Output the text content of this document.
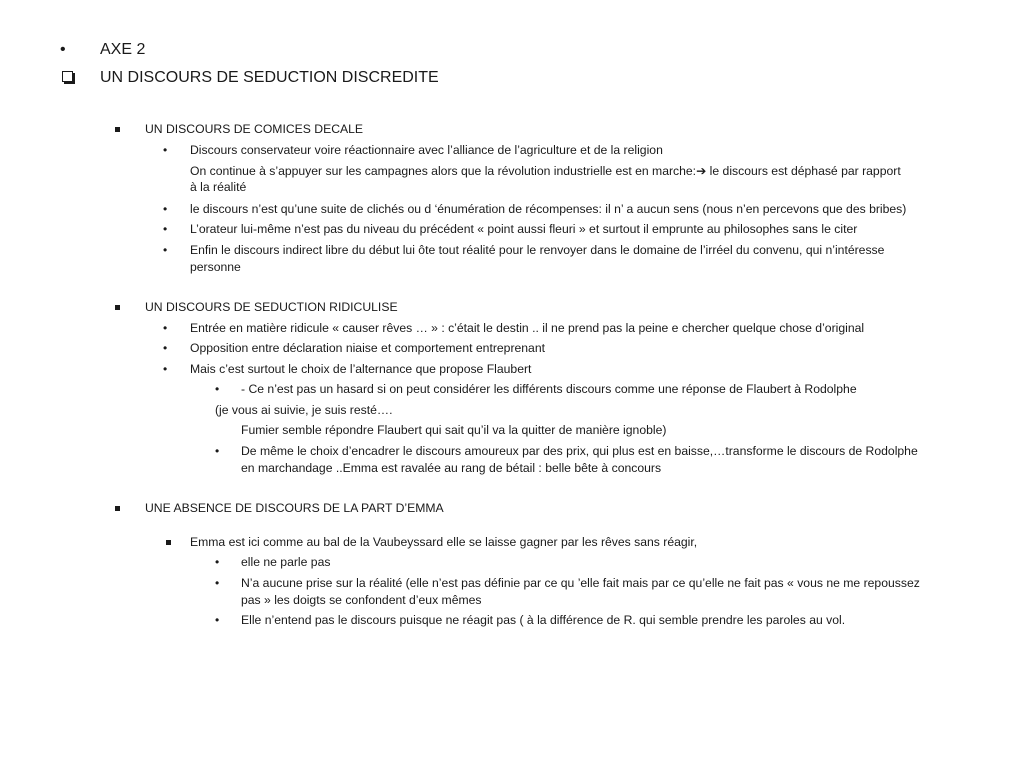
• AXE 2
UN DISCOURS DE SEDUCTION DISCREDITE
UN DISCOURS DE COMICES DECALE
• Discours conservateur voire réactionnaire avec l’alliance de l’agriculture et de la religion
On continue à s’appuyer sur les campagnes alors que la révolution industrielle est en marche:➔ le discours est déphasé par rapport
à la réalité
• le discours n’est qu’une suite de clichés ou d ‘énumération de récompenses: il n’ a aucun sens (nous n’en percevons que des bribes)
• L’orateur lui-même n’est pas du niveau du précédent « point aussi fleuri » et surtout il emprunte au philosophes sans le citer
• Enfin le discours indirect libre du début lui ôte tout réalité pour le renvoyer dans le domaine de l’irréel du convenu, qui n’intéresse
personne
UN DISCOURS DE SEDUCTION RIDICULISE
• Entrée en matière ridicule « causer rêves … » : c’était le destin .. il ne prend pas la peine e chercher quelque chose d’original
• Opposition entre déclaration niaise et comportement entreprenant
• Mais c’est surtout le choix de l’alternance que propose Flaubert
• - Ce n’est pas un hasard si on peut considérer les différents discours comme une réponse de Flaubert à Rodolphe
(je vous ai suivie, je suis resté….
Fumier semble répondre Flaubert qui sait qu’il va la quitter de manière ignoble)
• De même le choix d’encadrer le discours amoureux par des prix, qui plus est en baisse,…transforme le discours de Rodolphe
en marchandage ..Emma est ravalée au rang de bétail : belle bête à concours
UNE ABSENCE DE DISCOURS DE LA PART D’EMMA
Emma est ici comme au bal de la Vaubeyssard elle se laisse gagner par les rêves sans réagir,
• elle ne parle pas
• N’a aucune prise sur la réalité (elle n’est pas définie par ce qu ’elle fait mais par ce qu’elle ne fait pas « vous ne me repoussez
pas » les doigts se confondent d’eux mêmes
• Elle n’entend pas le discours puisque ne réagit pas ( à la différence de R. qui semble prendre les paroles au vol.
